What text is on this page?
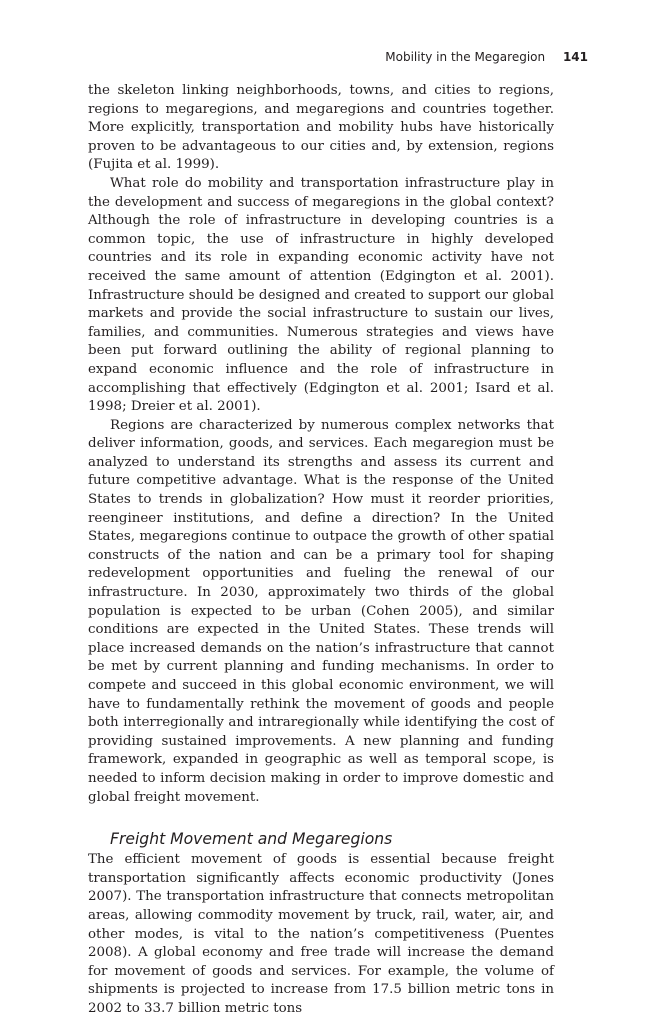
Mobility in the Megaregion 141

the skeleton linking neighborhoods, towns, and cities to regions, regions to megaregions, and megaregions and countries together. More explicitly, transportation and mobility hubs have historically proven to be advantageous to our cities and, by extension, regions (Fujita et al. 1999).

What role do mobility and transportation infrastructure play in the development and success of megaregions in the global context? Although the role of infrastructure in developing countries is a common topic, the use of infrastructure in highly developed countries and its role in expanding economic activity have not received the same amount of attention (Edgington et al. 2001). Infrastructure should be designed and created to support our global markets and provide the social infrastructure to sustain our lives, families, and communities. Numerous strategies and views have been put forward outlining the ability of regional planning to expand economic influence and the role of infrastructure in accomplishing that effectively (Edgington et al. 2001; Isard et al. 1998; Dreier et al. 2001).

Regions are characterized by numerous complex networks that deliver information, goods, and services. Each megaregion must be analyzed to understand its strengths and assess its current and future competitive advantage. What is the response of the United States to trends in globalization? How must it reorder priorities, reengineer institutions, and define a direction? In the United States, megaregions continue to outpace the growth of other spatial constructs of the nation and can be a primary tool for shaping redevelopment opportunities and fueling the renewal of our infrastructure. In 2030, approximately two thirds of the global population is expected to be urban (Cohen 2005), and similar conditions are expected in the United States. These trends will place increased demands on the nation’s infrastructure that cannot be met by current planning and funding mechanisms. In order to compete and succeed in this global economic environment, we will have to fundamentally rethink the movement of goods and people both interregionally and intraregionally while identifying the cost of providing sustained improvements. A new planning and funding framework, expanded in geographic as well as temporal scope, is needed to inform decision making in order to improve domestic and global freight movement.

Freight Movement and Megaregions

The efficient movement of goods is essential because freight transportation significantly affects economic productivity (Jones 2007). The transportation infrastructure that connects metropolitan areas, allowing commodity movement by truck, rail, water, air, and other modes, is vital to the nation’s competitiveness (Puentes 2008). A global economy and free trade will increase the demand for movement of goods and services. For example, the volume of shipments is projected to increase from 17.5 billion metric tons in 2002 to 33.7 billion metric tons
